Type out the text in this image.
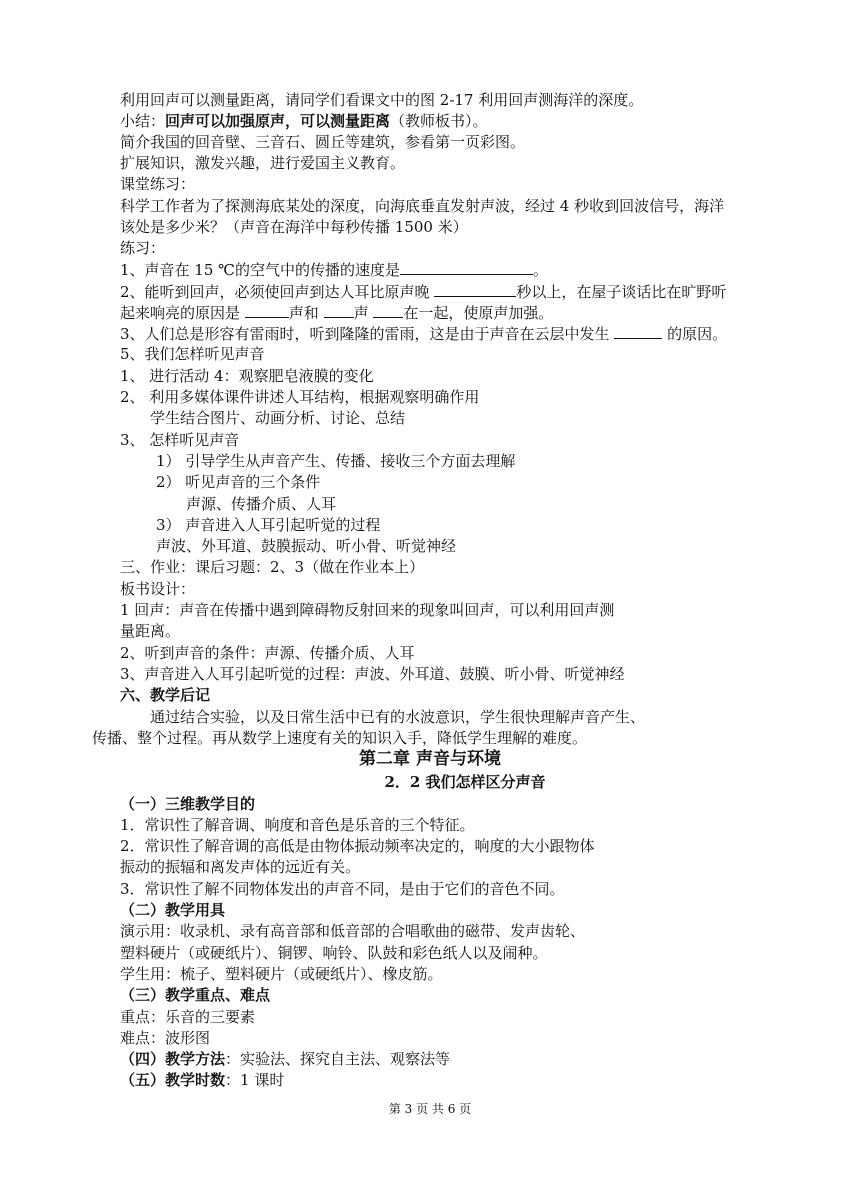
利用回声可以测量距离，请同学们看课文中的图 2-17 利用回声测海洋的深度。
小结：回声可以加强原声，可以测量距离（教师板书）。
简介我国的回音壁、三音石、圆丘等建筑，参看第一页彩图。
扩展知识，激发兴趣，进行爱国主义教育。
课堂练习：
科学工作者为了探测海底某处的深度，向海底垂直发射声波，经过 4 秒收到回波信号，海洋
该处是多少米？（声音在海洋中每秒传播 1500 米）
练习：
1、声音在 15 ℃的空气中的传播的速度是	。
2、能听到回声，必须使回声到达人耳比原声晚	秒以上，在屋子谈话比在旷野听
起来响亮的原因是	声和 声 在一起，使原声加强。
3、人们总是形容有雷雨时，听到隆隆的雷雨，这是由于声音在云层中发生	的原因。
5、我们怎样听见声音
1、 进行活动 4：观察肥皂液膜的变化
2、 利用多媒体课件讲述人耳结构，根据观察明确作用
学生结合图片、动画分析、讨论、总结
3、 怎样听见声音
1） 引导学生从声音产生、传播、接收三个方面去理解
2） 听见声音的三个条件
声源、传播介质、人耳
3） 声音进入人耳引起听觉的过程
声波、外耳道、鼓膜振动、听小骨、听觉神经
三、作业：课后习题：2、3（做在作业本上）
板书设计：
1 回声：声音在传播中遇到障碍物反射回来的现象叫回声，可以利用回声测
量距离。
2、听到声音的条件：声源、传播介质、人耳
3、声音进入人耳引起听觉的过程：声波、外耳道、鼓膜、听小骨、听觉神经
六、教学后记
通过结合实验，以及日常生活中已有的水波意识，学生很快理解声音产生、
传播、整个过程。再从数学上速度有关的知识入手，降低学生理解的难度。
第二章 声音与环境
2．2 我们怎样区分声音
（一）三维教学目的
1．常识性了解音调、响度和音色是乐音的三个特征。
2．常识性了解音调的高低是由物体振动频率决定的，响度的大小跟物体
振动的振辐和离发声体的远近有关。
3．常识性了解不同物体发出的声音不同，是由于它们的音色不同。
（二）教学用具
演示用：收录机、录有高音部和低音部的合唱歌曲的磁带、发声齿轮、
塑料硬片（或硬纸片）、铜锣、响铃、队鼓和彩色纸人以及闹种。
学生用：梳子、塑料硬片（或硬纸片）、橡皮筋。
（三）教学重点、难点
重点：乐音的三要素
难点：波形图
（四）教学方法：实验法、探究自主法、观察法等
（五）教学时数：1 课时
第 3 页 共 6 页
